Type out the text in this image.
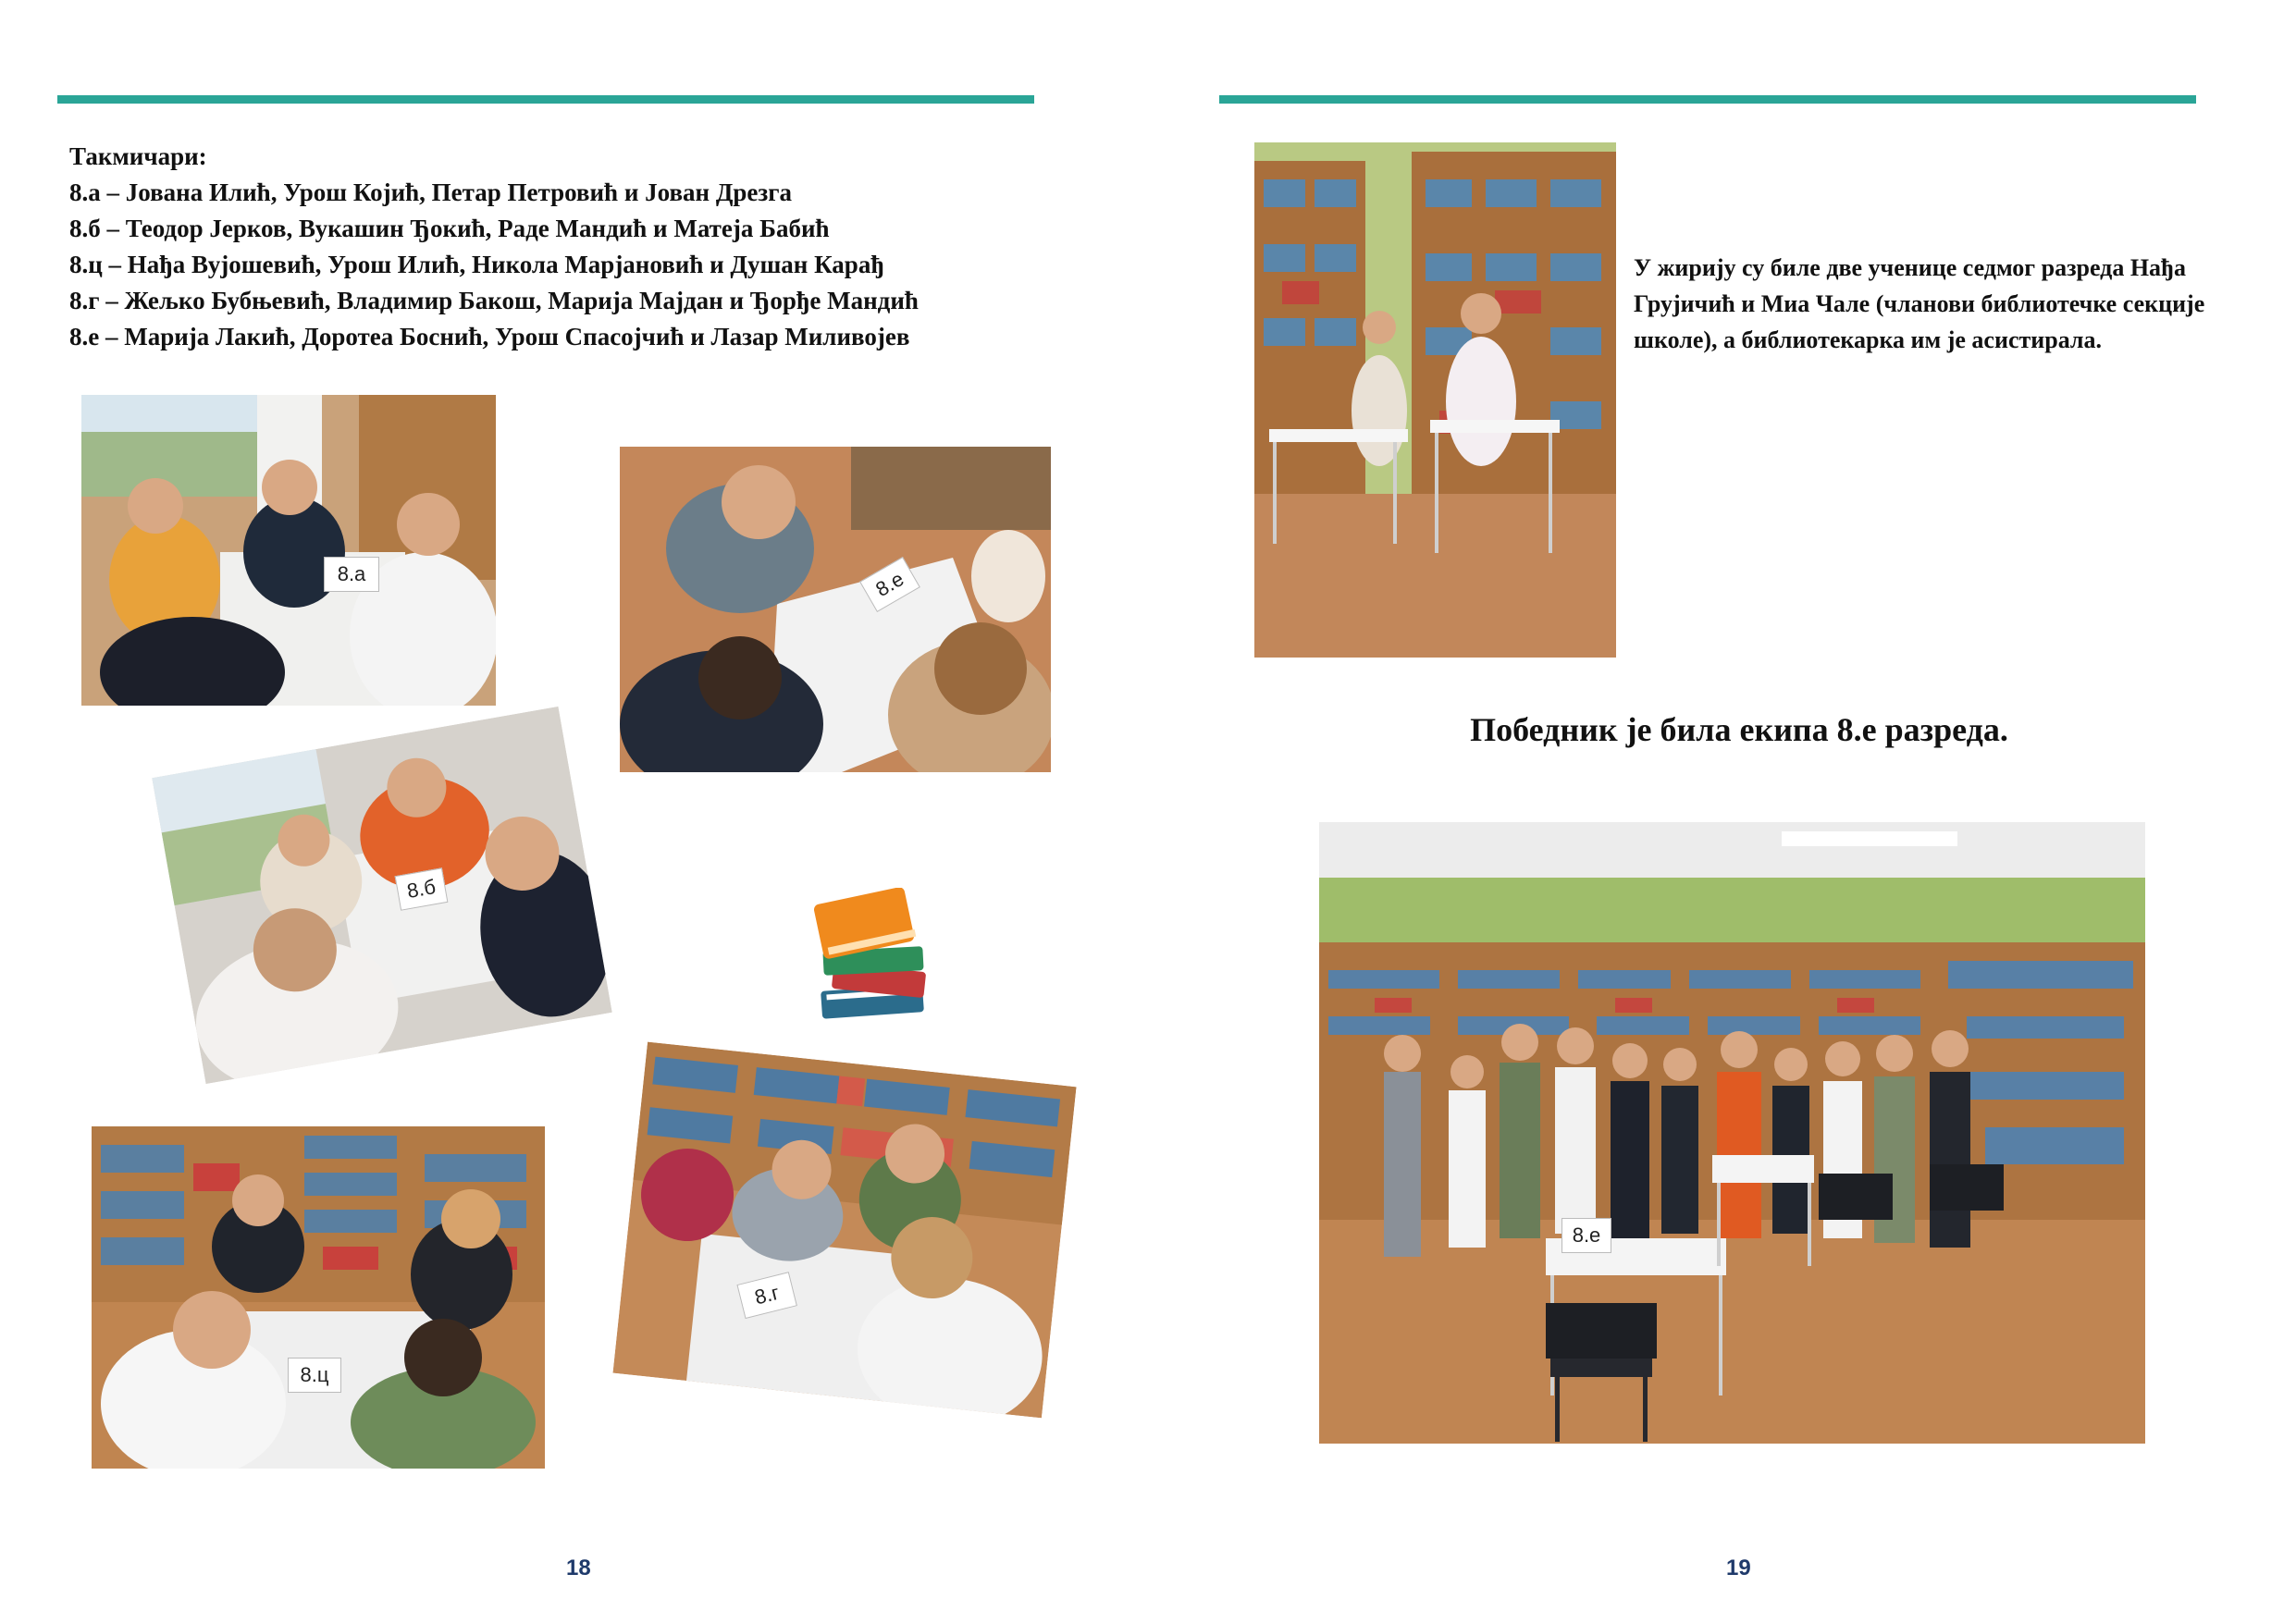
Такмичари:
8.а – Јована Илић, Урош Којић, Петар Петровић и Јован Дрезга
8.б – Теодор Јерков, Вукашин Ђокић, Раде Мандић и Матеја Бабић
8.ц – Нађа Вујошевић, Урош Илић, Никола Марјановић и Душан Карађ
8.г – Жељко Бубњевић, Владимир Бакош, Марија Мајдан и Ђорђе Мандић
8.е – Марија Лакић, Доротеа Боснић, Урош Спасојчић и Лазар Миливојев
8.а	8.е
8.б
8.ц
8.г
18
У жирију су биле две ученице седмог разреда Нађа Грујичић и Миа Чале (чланови библиотечке секције школе), а библиотекарка им је асистирала.
Победник је била екипа 8.е разреда.
8.е
19
